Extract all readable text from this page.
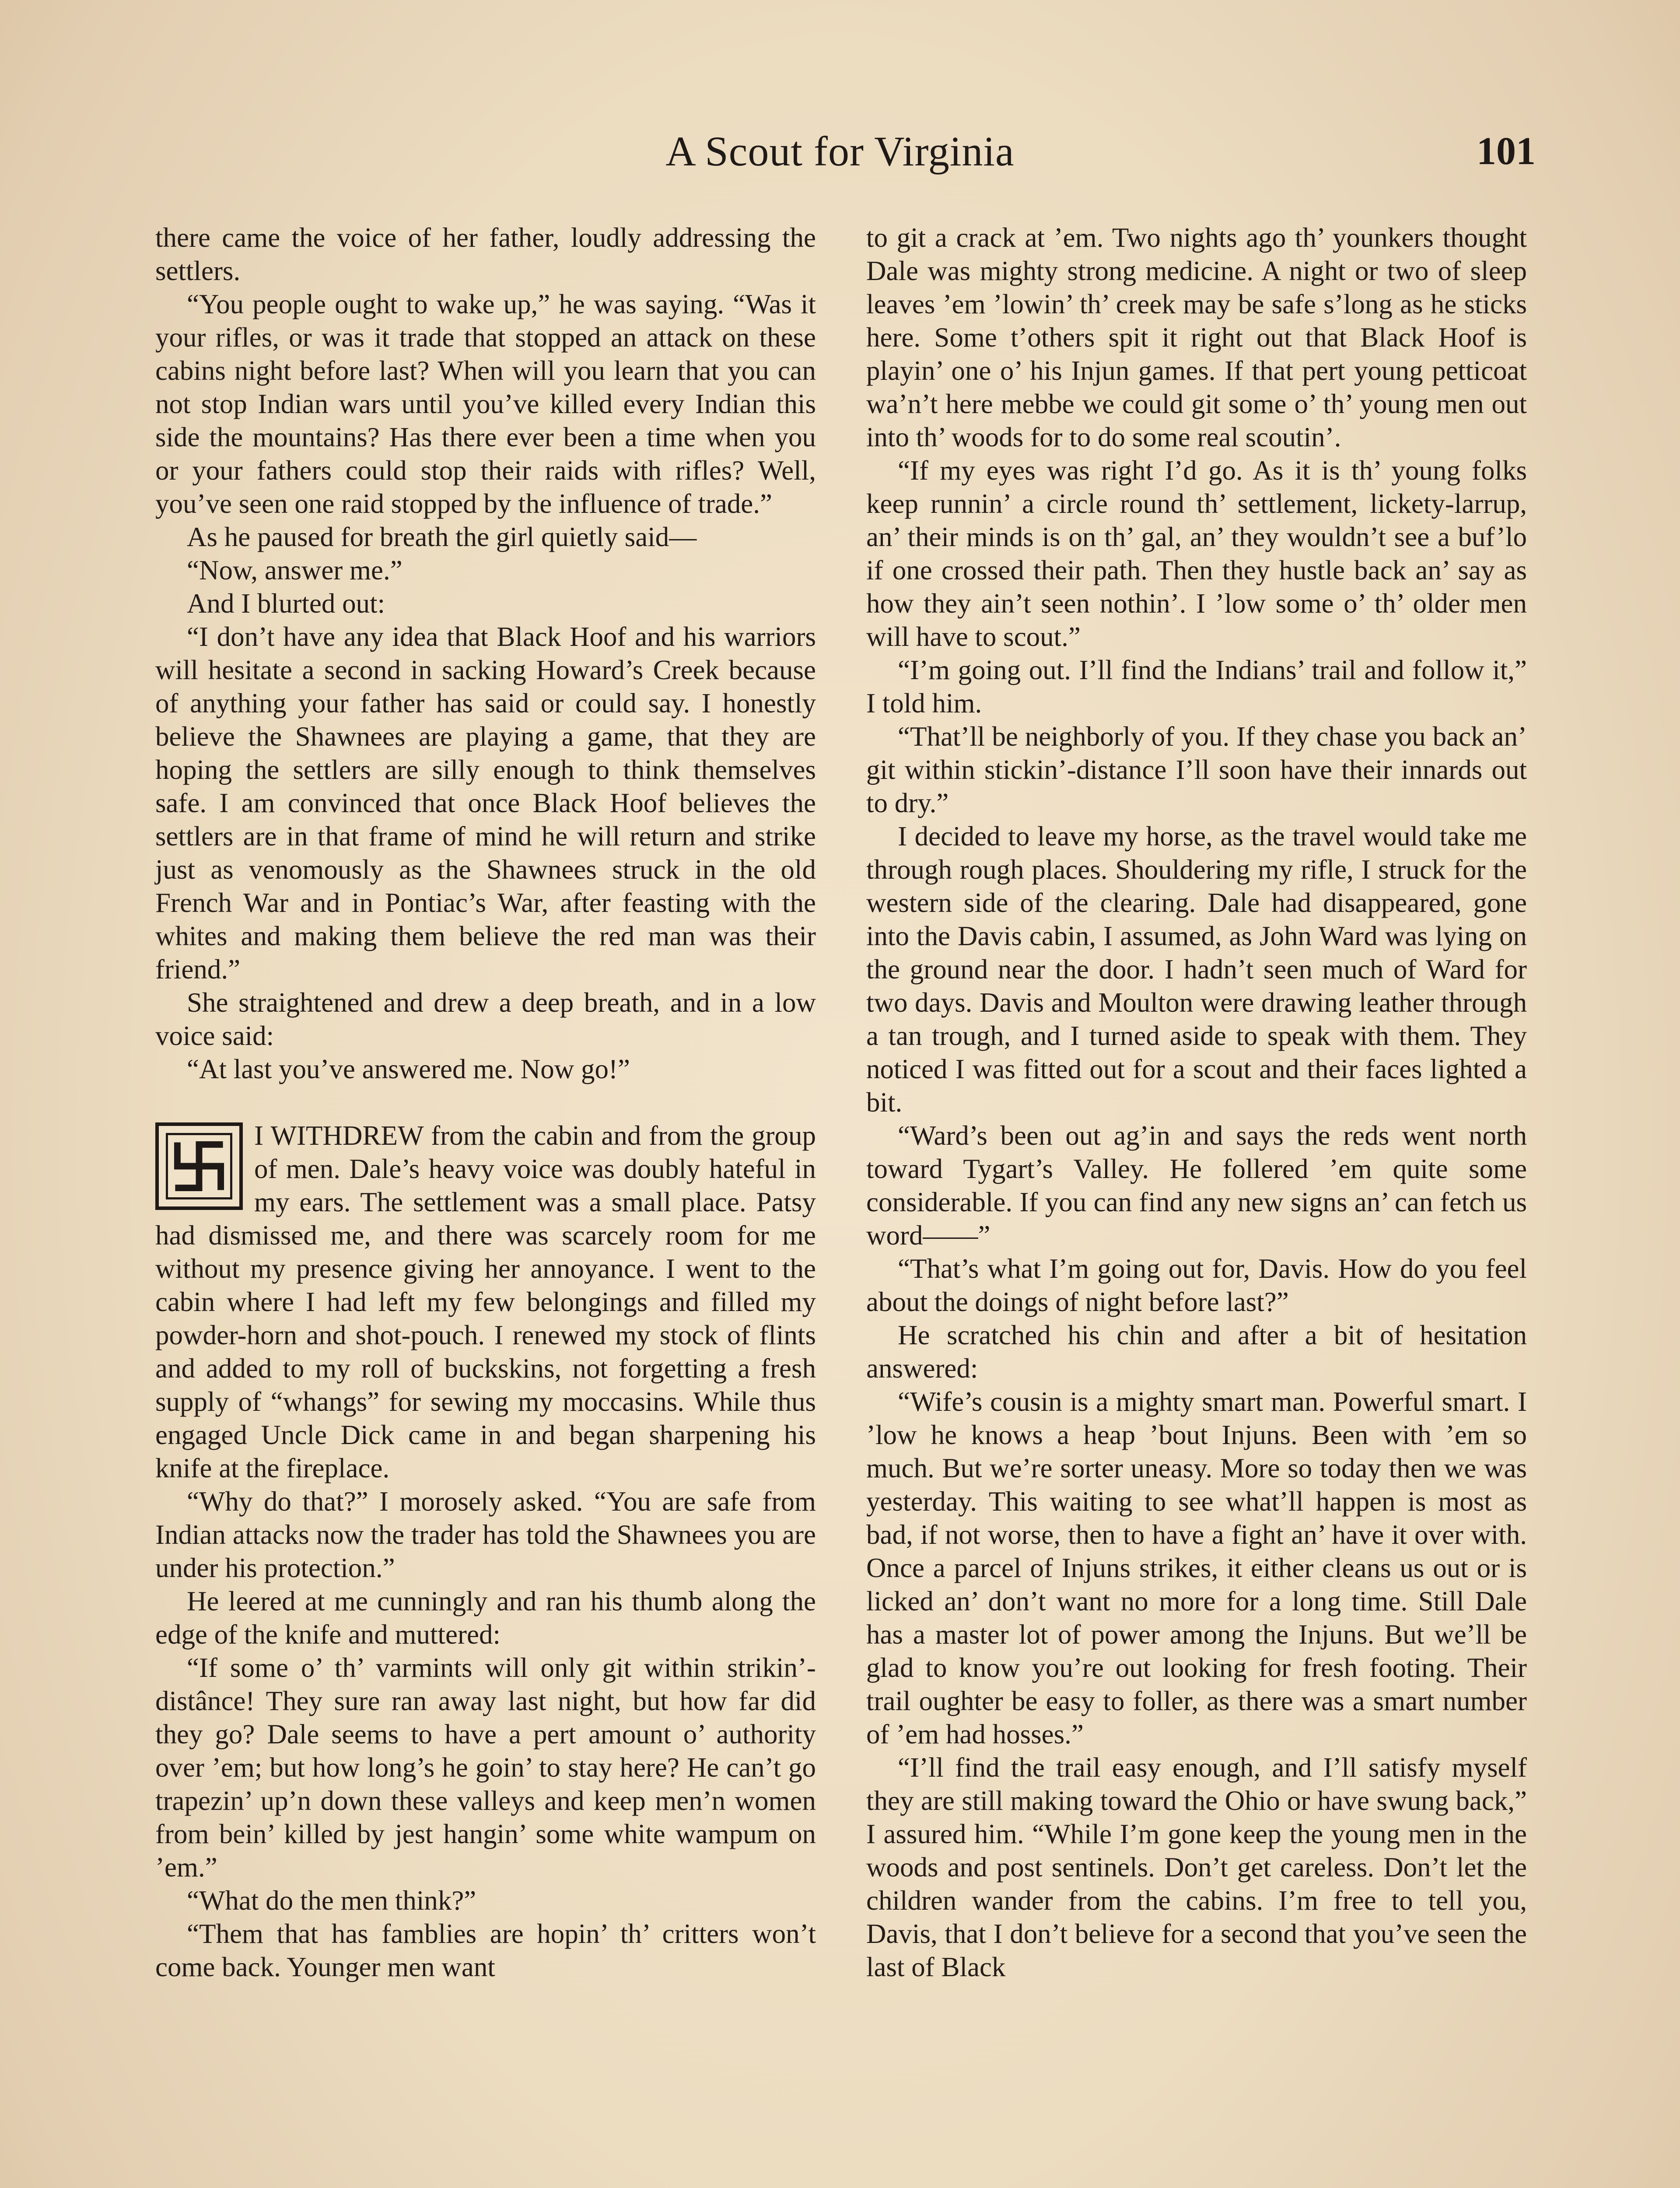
A Scout for Virginia	101

there came the voice of her father, loudly addressing the settlers.

“You people ought to wake up,” he was saying. “Was it your rifles, or was it trade that stopped an attack on these cabins night before last? When will you learn that you can not stop Indian wars until you’ve killed every Indian this side the mountains? Has there ever been a time when you or your fathers could stop their raids with rifles? Well, you’ve seen one raid stopped by the influence of trade.”

As he paused for breath the girl quietly said—

“Now, answer me.”

And I blurted out:

“I don’t have any idea that Black Hoof and his warriors will hesitate a second in sacking Howard’s Creek because of anything your father has said or could say. I honestly believe the Shawnees are playing a game, that they are hoping the settlers are silly enough to think themselves safe. I am convinced that once Black Hoof believes the settlers are in that frame of mind he will return and strike just as venomously as the Shawnees struck in the old French War and in Pontiac’s War, after feasting with the whites and making them believe the red man was their friend.”

She straightened and drew a deep breath, and in a low voice said:

“At last you’ve answered me. Now go!”

I WITHDREW from the cabin and from the group of men. Dale’s heavy voice was doubly hateful in my ears. The settlement was a small place. Patsy had dismissed me, and there was scarcely room for me without my presence giving her annoyance. I went to the cabin where I had left my few belongings and filled my powder-horn and shot-pouch. I renewed my stock of flints and added to my roll of buckskins, not forgetting a fresh supply of “whangs” for sewing my moccasins. While thus engaged Uncle Dick came in and began sharpening his knife at the fireplace.

“Why do that?” I morosely asked. “You are safe from Indian attacks now the trader has told the Shawnees you are under his protection.”

He leered at me cunningly and ran his thumb along the edge of the knife and muttered:

“If some o’ th’ varmints will only git within strikin’-distânce! They sure ran away last night, but how far did they go? Dale seems to have a pert amount o’ authority over ’em; but how long’s he goin’ to stay here? He can’t go trapezin’ up’n down these valleys and keep men’n women from bein’ killed by jest hangin’ some white wampum on ’em.”

“What do the men think?”

“Them that has famblies are hopin’ th’ critters won’t come back. Younger men want

to git a crack at ’em. Two nights ago th’ younkers thought Dale was mighty strong medicine. A night or two of sleep leaves ’em ’lowin’ th’ creek may be safe s’long as he sticks here. Some t’others spit it right out that Black Hoof is playin’ one o’ his Injun games. If that pert young petticoat wa’n’t here mebbe we could git some o’ th’ young men out into th’ woods for to do some real scoutin’.

“If my eyes was right I’d go. As it is th’ young folks keep runnin’ a circle round th’ settlement, lickety-larrup, an’ their minds is on th’ gal, an’ they wouldn’t see a buf’lo if one crossed their path. Then they hustle back an’ say as how they ain’t seen nothin’. I ’low some o’ th’ older men will have to scout.”

“I’m going out. I’ll find the Indians’ trail and follow it,” I told him.

“That’ll be neighborly of you. If they chase you back an’ git within stickin’-distance I’ll soon have their innards out to dry.”

I decided to leave my horse, as the travel would take me through rough places. Shouldering my rifle, I struck for the western side of the clearing. Dale had disappeared, gone into the Davis cabin, I assumed, as John Ward was lying on the ground near the door. I hadn’t seen much of Ward for two days. Davis and Moulton were drawing leather through a tan trough, and I turned aside to speak with them. They noticed I was fitted out for a scout and their faces lighted a bit.

“Ward’s been out ag’in and says the reds went north toward Tygart’s Valley. He follered ’em quite some considerable. If you can find any new signs an’ can fetch us word——”

“That’s what I’m going out for, Davis. How do you feel about the doings of night before last?”

He scratched his chin and after a bit of hesitation answered:

“Wife’s cousin is a mighty smart man. Powerful smart. I ’low he knows a heap ’bout Injuns. Been with ’em so much. But we’re sorter uneasy. More so today then we was yesterday. This waiting to see what’ll happen is most as bad, if not worse, then to have a fight an’ have it over with. Once a parcel of Injuns strikes, it either cleans us out or is licked an’ don’t want no more for a long time. Still Dale has a master lot of power among the Injuns. But we’ll be glad to know you’re out looking for fresh footing. Their trail oughter be easy to foller, as there was a smart number of ’em had hosses.”

“I’ll find the trail easy enough, and I’ll satisfy myself they are still making toward the Ohio or have swung back,” I assured him. “While I’m gone keep the young men in the woods and post sentinels. Don’t get careless. Don’t let the children wander from the cabins. I’m free to tell you, Davis, that I don’t believe for a second that you’ve seen the last of Black
